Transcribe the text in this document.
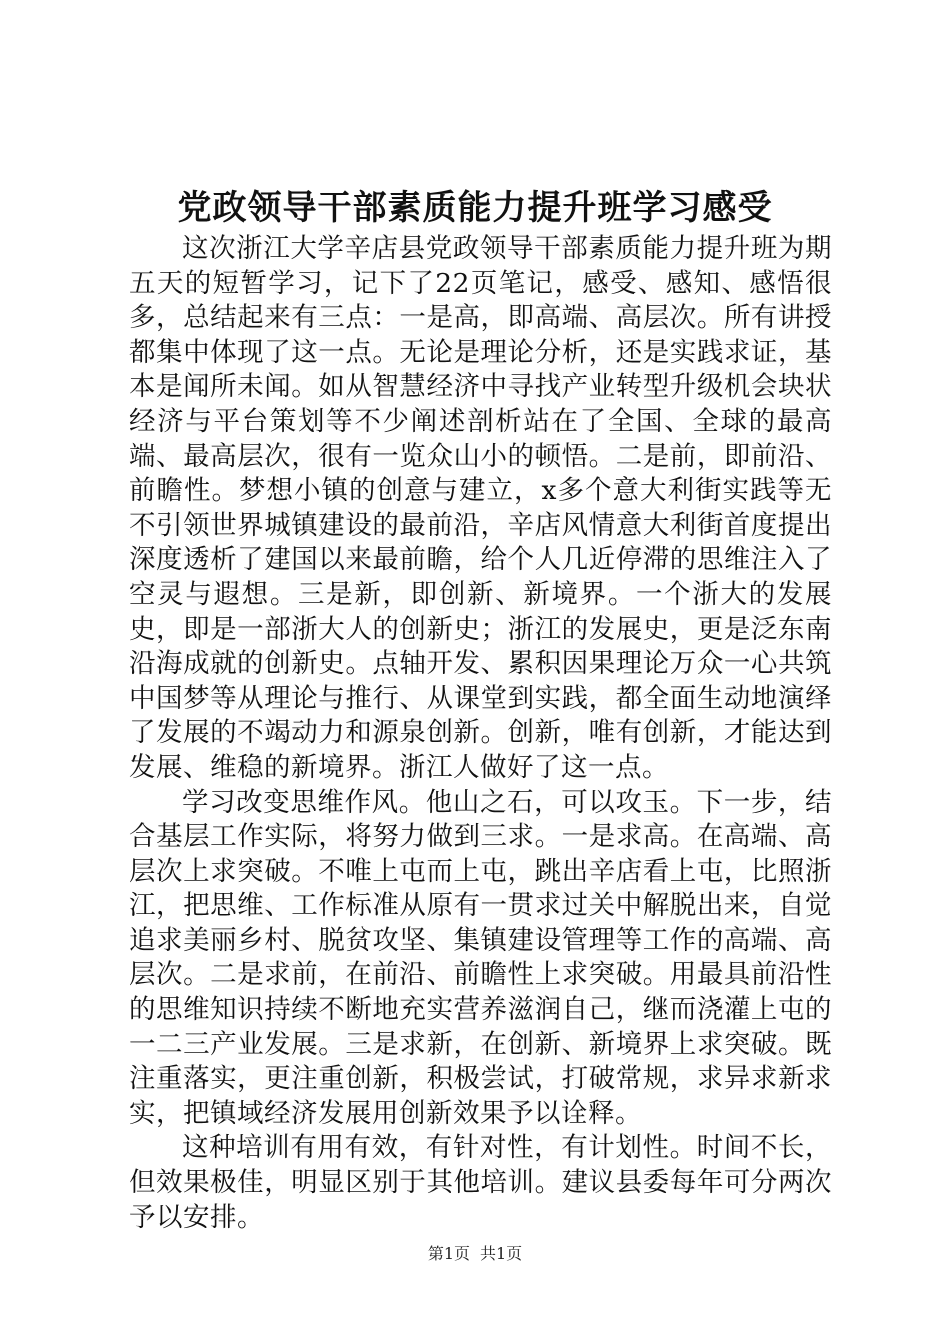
党政领导干部素质能力提升班学习感受

这次浙江大学辛店县党政领导干部素质能力提升班为期五天的短暂学习，记下了22页笔记，感受、感知、感悟很多，总结起来有三点：一是高，即高端、高层次。所有讲授都集中体现了这一点。无论是理论分析，还是实践求证，基本是闻所未闻。如从智慧经济中寻找产业转型升级机会块状经济与平台策划等不少阐述剖析站在了全国、全球的最高端、最高层次，很有一览众山小的顿悟。二是前，即前沿、前瞻性。梦想小镇的创意与建立，x多个意大利街实践等无不引领世界城镇建设的最前沿，辛店风情意大利街首度提出深度透析了建国以来最前瞻，给个人几近停滞的思维注入了空灵与遐想。三是新，即创新、新境界。一个浙大的发展史，即是一部浙大人的创新史；浙江的发展史，更是泛东南沿海成就的创新史。点轴开发、累积因果理论万众一心共筑中国梦等从理论与推行、从课堂到实践，都全面生动地演绎了发展的不竭动力和源泉创新。创新，唯有创新，才能达到发展、维稳的新境界。浙江人做好了这一点。

学习改变思维作风。他山之石，可以攻玉。下一步，结合基层工作实际，将努力做到三求。一是求高。在高端、高层次上求突破。不唯上屯而上屯，跳出辛店看上屯，比照浙江，把思维、工作标准从原有一贯求过关中解脱出来，自觉追求美丽乡村、脱贫攻坚、集镇建设管理等工作的高端、高层次。二是求前，在前沿、前瞻性上求突破。用最具前沿性的思维知识持续不断地充实营养滋润自己，继而浇灌上屯的一二三产业发展。三是求新，在创新、新境界上求突破。既注重落实，更注重创新，积极尝试，打破常规，求异求新求实，把镇域经济发展用创新效果予以诠释。

这种培训有用有效，有针对性，有计划性。时间不长，但效果极佳，明显区别于其他培训。建议县委每年可分两次予以安排。

第1页 共1页
